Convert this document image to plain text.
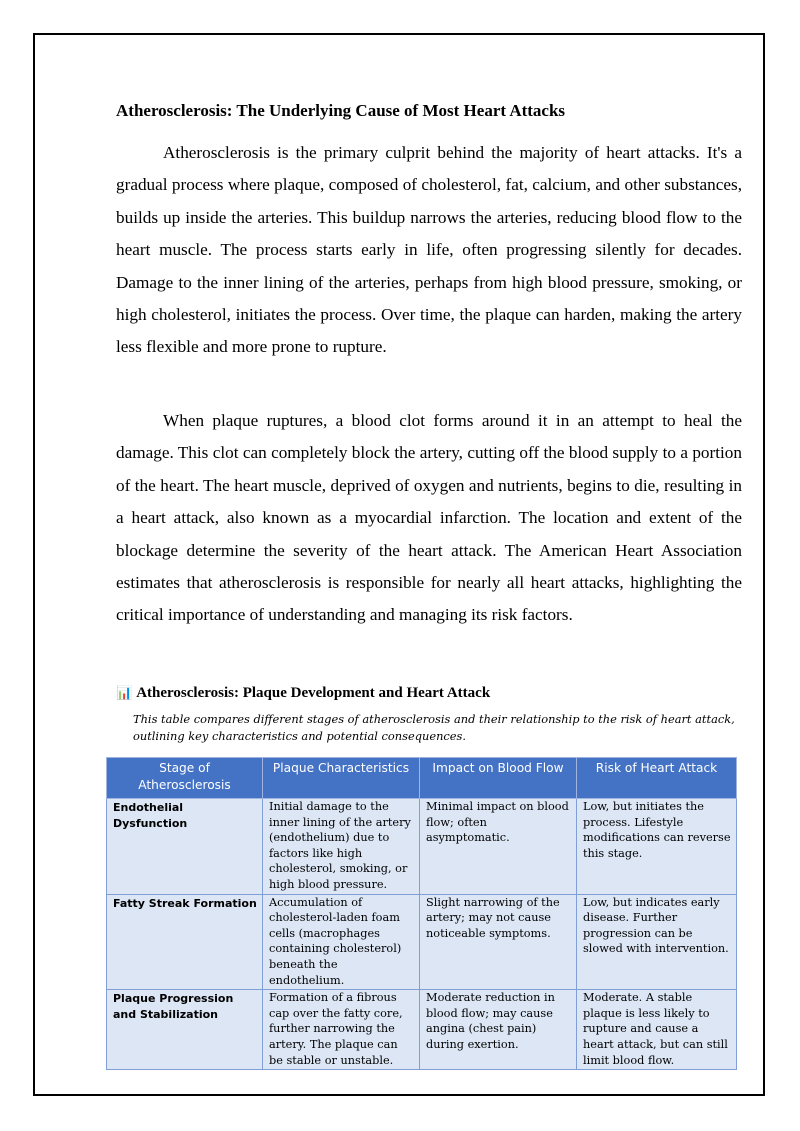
Atherosclerosis: The Underlying Cause of Most Heart Attacks

Atherosclerosis is the primary culprit behind the majority of heart attacks. It's a gradual process where plaque, composed of cholesterol, fat, calcium, and other substances, builds up inside the arteries. This buildup narrows the arteries, reducing blood flow to the heart muscle. The process starts early in life, often progressing silently for decades. Damage to the inner lining of the arteries, perhaps from high blood pressure, smoking, or high cholesterol, initiates the process. Over time, the plaque can harden, making the artery less flexible and more prone to rupture.

When plaque ruptures, a blood clot forms around it in an attempt to heal the damage. This clot can completely block the artery, cutting off the blood supply to a portion of the heart. The heart muscle, deprived of oxygen and nutrients, begins to die, resulting in a heart attack, also known as a myocardial infarction. The location and extent of the blockage determine the severity of the heart attack. The American Heart Association estimates that atherosclerosis is responsible for nearly all heart attacks, highlighting the critical importance of understanding and managing its risk factors.

📊 Atherosclerosis: Plaque Development and Heart Attack
This table compares different stages of atherosclerosis and their relationship to the risk of heart attack, outlining key characteristics and potential consequences.
Stage of Atherosclerosis	Plaque Characteristics	Impact on Blood Flow	Risk of Heart Attack
Endothelial Dysfunction	Initial damage to the inner lining of the artery (endothelium) due to factors like high cholesterol, smoking, or high blood pressure.	Minimal impact on blood flow; often asymptomatic.	Low, but initiates the process. Lifestyle modifications can reverse this stage.
Fatty Streak Formation	Accumulation of cholesterol-laden foam cells (macrophages containing cholesterol) beneath the endothelium.	Slight narrowing of the artery; may not cause noticeable symptoms.	Low, but indicates early disease. Further progression can be slowed with intervention.
Plaque Progression and Stabilization	Formation of a fibrous cap over the fatty core, further narrowing the artery. The plaque can be stable or unstable.	Moderate reduction in blood flow; may cause angina (chest pain) during exertion.	Moderate. A stable plaque is less likely to rupture and cause a heart attack, but can still limit blood flow.
